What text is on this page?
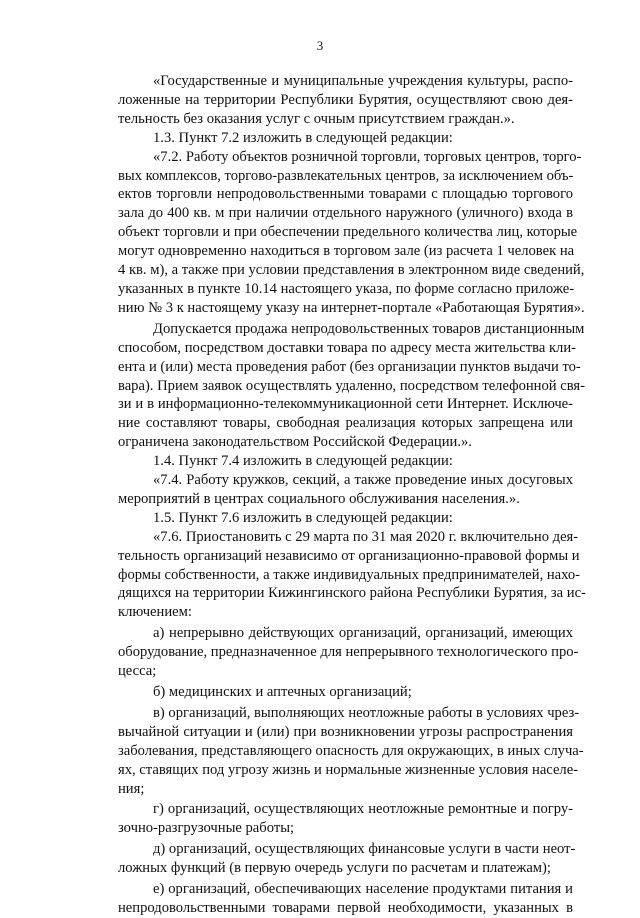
3

«Государственные и муниципальные учреждения культуры, распо-

ложенные на территории Республики Бурятия, осуществляют свою дея-

тельность без оказания услуг с очным присутствием граждан.».

1.3. Пункт 7.2 изложить в следующей редакции:

«7.2. Работу объектов розничной торговли, торговых центров, торго-

вых комплексов, торгово-развлекательных центров, за исключением объ-

ектов торговли непродовольственными товарами с площадью торгового

зала до 400 кв. м при наличии отдельного наружного (уличного) входа в

объект торговли и при обеспечении предельного количества лиц, которые

могут одновременно находиться в торговом зале (из расчета 1 человек на

4 кв. м), а также при условии представления в электронном виде сведений,

указанных в пункте 10.14 настоящего указа, по форме согласно приложе-

нию № 3 к настоящему указу на интернет-портале «Работающая Бурятия».

Допускается продажа непродовольственных товаров дистанционным

способом, посредством доставки товара по адресу места жительства кли-

ента и (или) места проведения работ (без организации пунктов выдачи то-

вара). Прием заявок осуществлять удаленно, посредством телефонной свя-

зи и в информационно-телекоммуникационной сети Интернет. Исключе-

ние составляют товары, свободная реализация которых запрещена или

ограничена законодательством Российской Федерации.».

1.4. Пункт 7.4 изложить в следующей редакции:

«7.4. Работу кружков, секций, а также проведение иных досуговых

мероприятий в центрах социального обслуживания населения.».

1.5. Пункт 7.6 изложить в следующей редакции:

«7.6. Приостановить с 29 марта по 31 мая 2020 г. включительно дея-

тельность организаций независимо от организационно-правовой формы и

формы собственности, а также индивидуальных предпринимателей, нахо-

дящихся на территории Кижингинского района Республики Бурятия, за ис-

ключением:

а) непрерывно действующих организаций, организаций, имеющих

оборудование, предназначенное для непрерывного технологического про-

цесса;

б) медицинских и аптечных организаций;

в) организаций, выполняющих неотложные работы в условиях чрез-

вычайной ситуации и (или) при возникновении угрозы распространения

заболевания, представляющего опасность для окружающих, в иных случа-

ях, ставящих под угрозу жизнь и нормальные жизненные условия населе-

ния;

г) организаций, осуществляющих неотложные ремонтные и погру-

зочно-разгрузочные работы;

д) организаций, осуществляющих финансовые услуги в части неот-

ложных функций (в первую очередь услуги по расчетам и платежам);

е) организаций, обеспечивающих население продуктами питания и

непродовольственными товарами первой необходимости, указанных в
